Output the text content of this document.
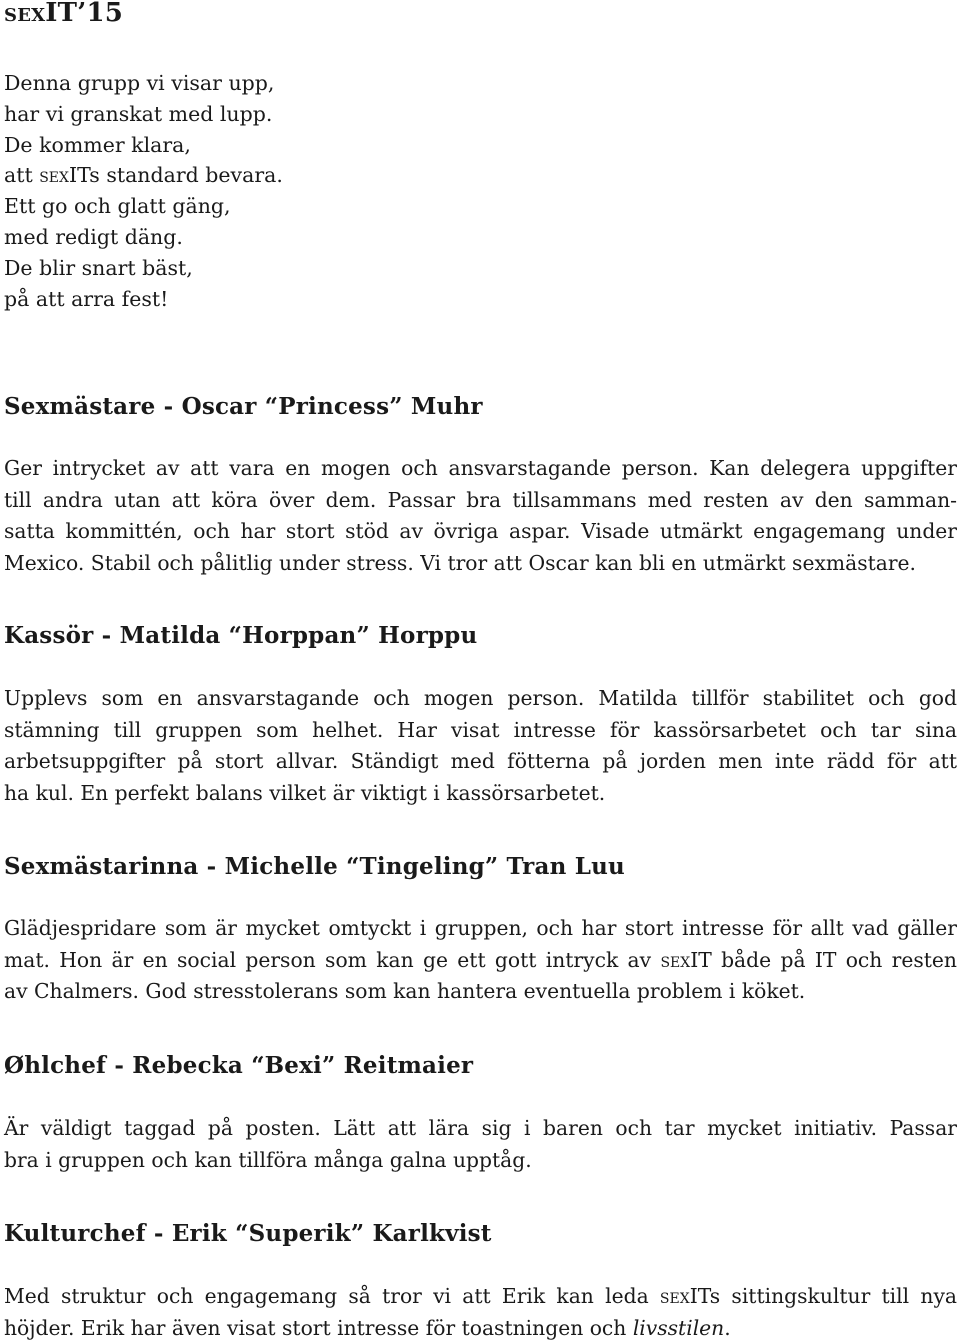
sexIT’15
Denna grupp vi visar upp,
har vi granskat med lupp.
De kommer klara,
att sexITs standard bevara.
Ett go och glatt gäng,
med redigt däng.
De blir snart bäst,
på att arra fest!
Sexmästare - Oscar “Princess” Muhr
Ger intrycket av att vara en mogen och ansvarstagande person. Kan delegera uppgifter
till andra utan att köra över dem. Passar bra tillsammans med resten av den samman-
satta kommittén, och har stort stöd av övriga aspar. Visade utmärkt engagemang under
Mexico. Stabil och pålitlig under stress. Vi tror att Oscar kan bli en utmärkt sexmästare.
Kassör - Matilda “Horppan” Horppu
Upplevs som en ansvarstagande och mogen person. Matilda tillför stabilitet och god
stämning till gruppen som helhet. Har visat intresse för kassörsarbetet och tar sina
arbetsuppgifter på stort allvar. Ständigt med fötterna på jorden men inte rädd för att
ha kul. En perfekt balans vilket är viktigt i kassörsarbetet.
Sexmästarinna - Michelle “Tingeling” Tran Luu
Glädjespridare som är mycket omtyckt i gruppen, och har stort intresse för allt vad gäller
mat. Hon är en social person som kan ge ett gott intryck av sexIT både på IT och resten
av Chalmers. God stresstolerans som kan hantera eventuella problem i köket.
Øhlchef - Rebecka “Bexi” Reitmaier
Är väldigt taggad på posten. Lätt att lära sig i baren och tar mycket initiativ. Passar
bra i gruppen och kan tillföra många galna upptåg.
Kulturchef - Erik “Superik” Karlkvist
Med struktur och engagemang så tror vi att Erik kan leda sexITs sittingskultur till nya
höjder. Erik har även visat stort intresse för toastningen och livsstilen.
